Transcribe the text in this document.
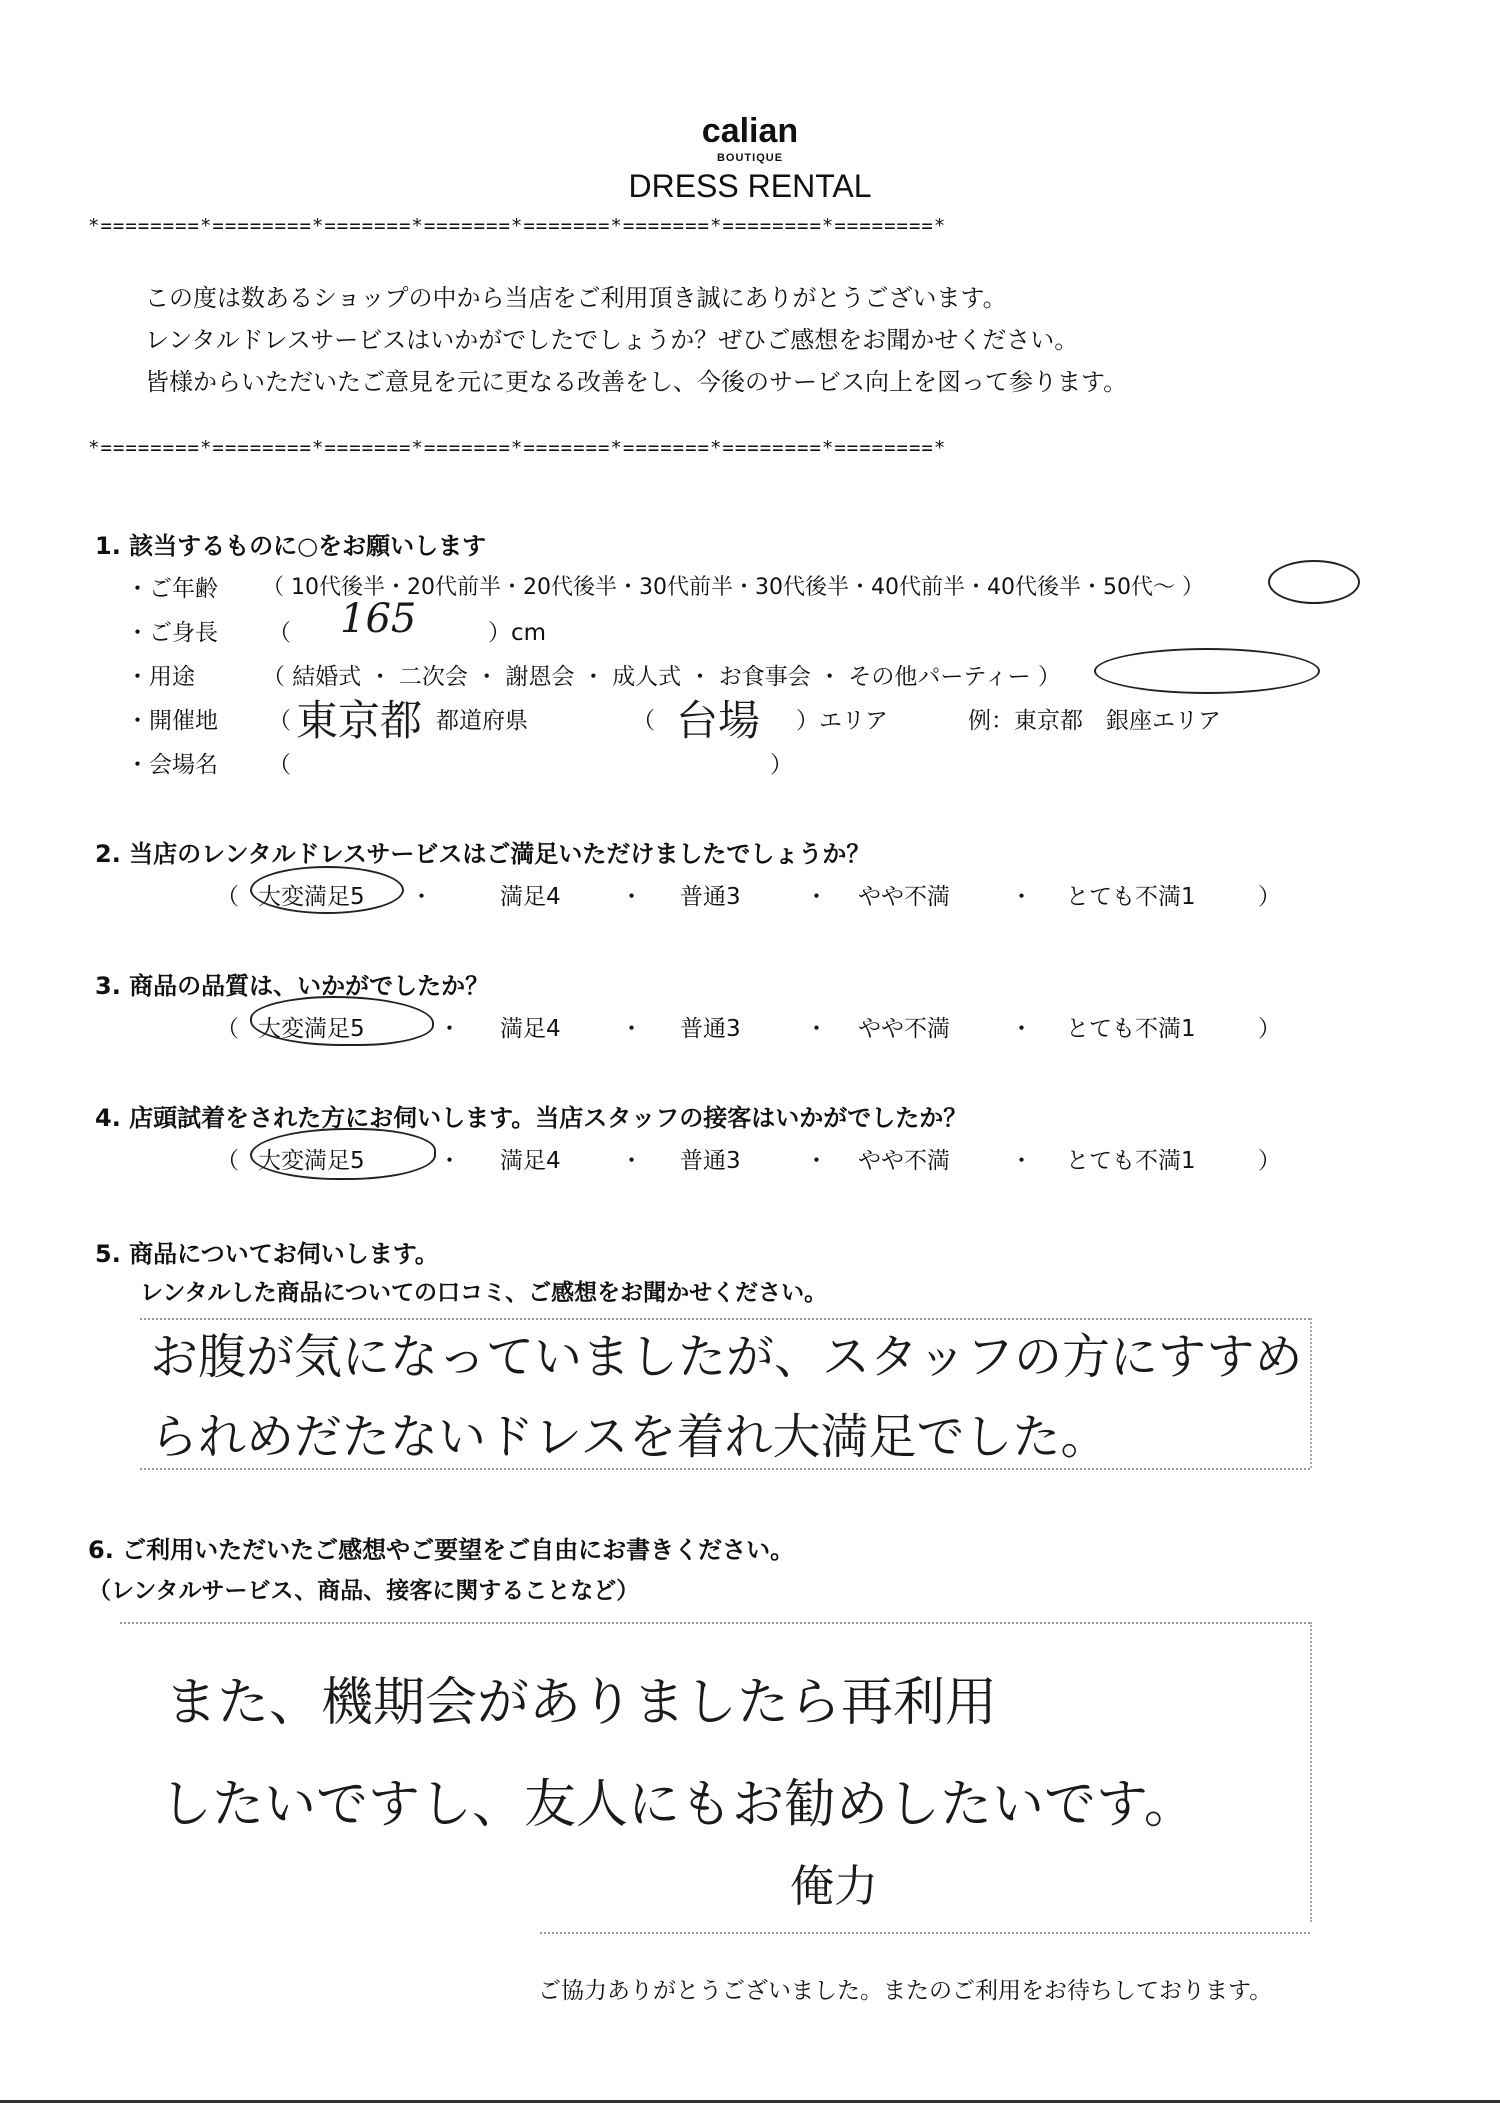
calian
BOUTIQUE
DRESS RENTAL
*========*========*=======*=======*=======*=======*========*========*
この度は数あるショップの中から当店をご利用頂き誠にありがとうございます。
レンタルドレスサービスはいかがでしたでしょうか？ぜひご感想をお聞かせください。
皆様からいただいたご意見を元に更なる改善をし、今後のサービス向上を図って参ります。
*========*========*=======*=======*=======*=======*========*========*
1. 該当するものに○をお願いします
・ご年齢 （ 10代後半・20代前半・20代後半・30代前半・30代後半・40代前半・40代後半・50代〜 ）
・ご身長 （ 165	）cm
・用途	（ 結婚式 ・ 二次会 ・ 謝恩会 ・ 成人式 ・ お食事会 ・ その他パーティー ）
・開催地 （ 東京都 都道府県	（ 台場 ）エリア	例：東京都　銀座エリア
・会場名 （	）
2. 当店のレンタルドレスサービスはご満足いただけましたでしょうか？
（ 大変満足5 ・	満足4	・ 普通3	・ やや不満	・ とても不満1	）
3. 商品の品質は、いかがでしたか？
（ 大変満足5	・ 満足4	・ 普通3	・ やや不満	・ とても不満1	）
4. 店頭試着をされた方にお伺いします。当店スタッフの接客はいかがでしたか？
（ 大変満足5	・ 満足4	・ 普通3	・ やや不満	・ とても不満1	）
5. 商品についてお伺いします。
レンタルした商品についての口コミ、ご感想をお聞かせください。
お腹が気になっていましたが、スタッフの方にすすめ
られめだたないドレスを着れ大満足でした。
6. ご利用いただいたご感想やご要望をご自由にお書きください。
（レンタルサービス、商品、接客に関することなど）
また、機期会がありましたら再利用
したいですし、友人にもお勧めしたいです。
俺力
ご協力ありがとうございました。またのご利用をお待ちしております。
